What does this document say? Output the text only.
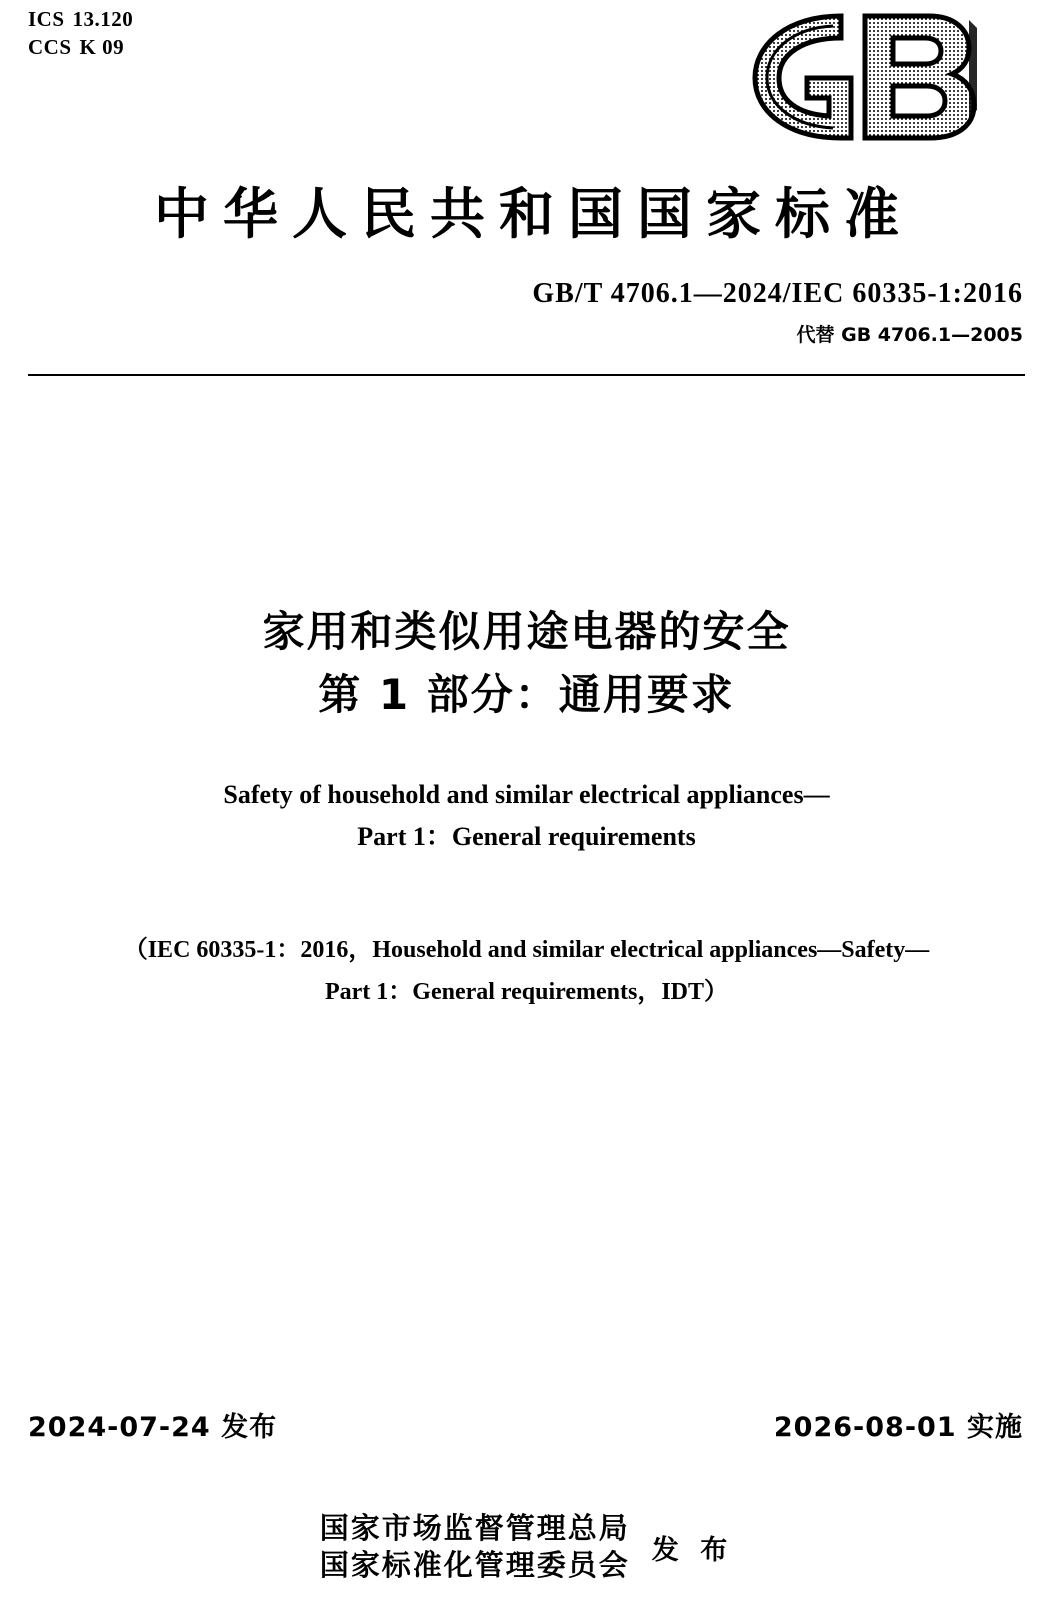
ICS 13.120
CCS K 09
中华人民共和国国家标准
GB/T 4706.1—2024/IEC 60335-1:2016
代替 GB 4706.1—2005
家用和类似用途电器的安全
第 1 部分：通用要求
Safety of household and similar electrical appliances—
Part 1：General requirements
（IEC 60335-1：2016，Household and similar electrical appliances—Safety—
Part 1：General requirements，IDT）
2024-07-24 发布	2026-08-01 实施
国家市场监督管理总局
国家标准化管理委员会 发 布
